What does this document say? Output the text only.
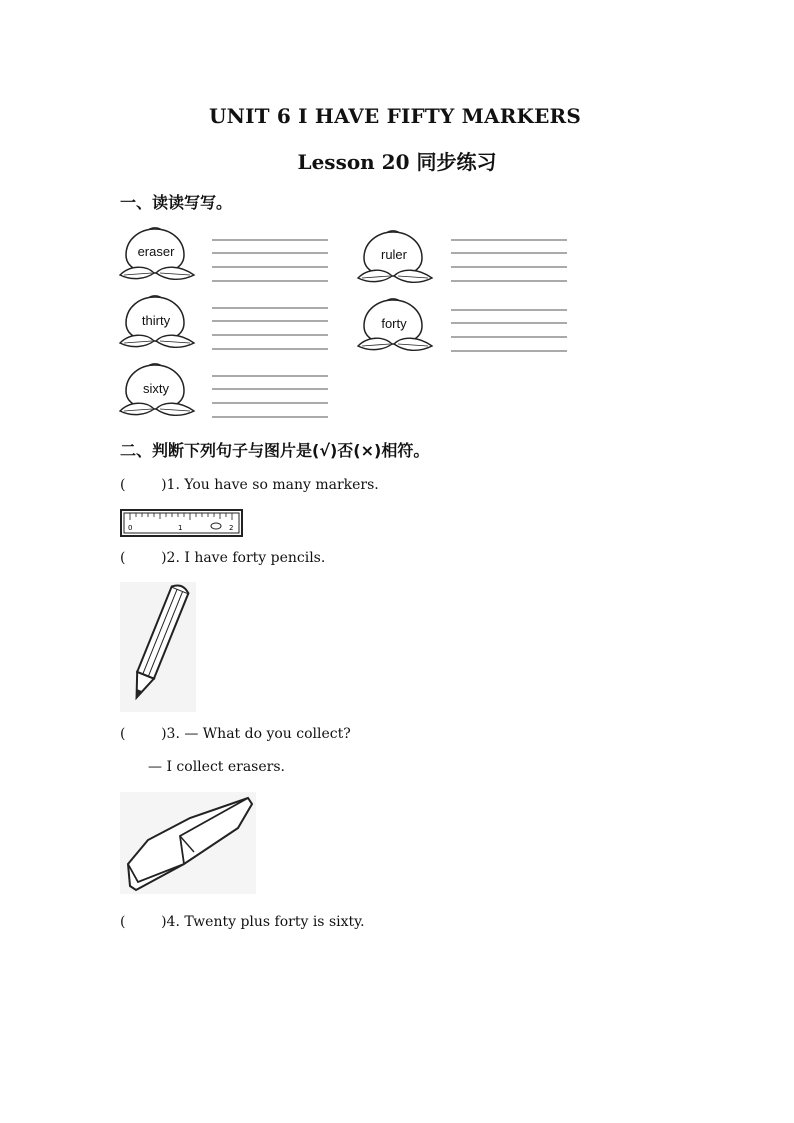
UNIT 6 I HAVE FIFTY MARKERS
Lesson 20 同步练习
一、读读写写。
eraser	ruler
thirty	forty
sixty
二、判断下列句子与图片是(√)否(×)相符。
(        )1. You have so many markers.
0	1	2
(        )2. I have forty pencils.
(        )3. — What do you collect?
— I collect erasers.
(        )4. Twenty plus forty is sixty.
